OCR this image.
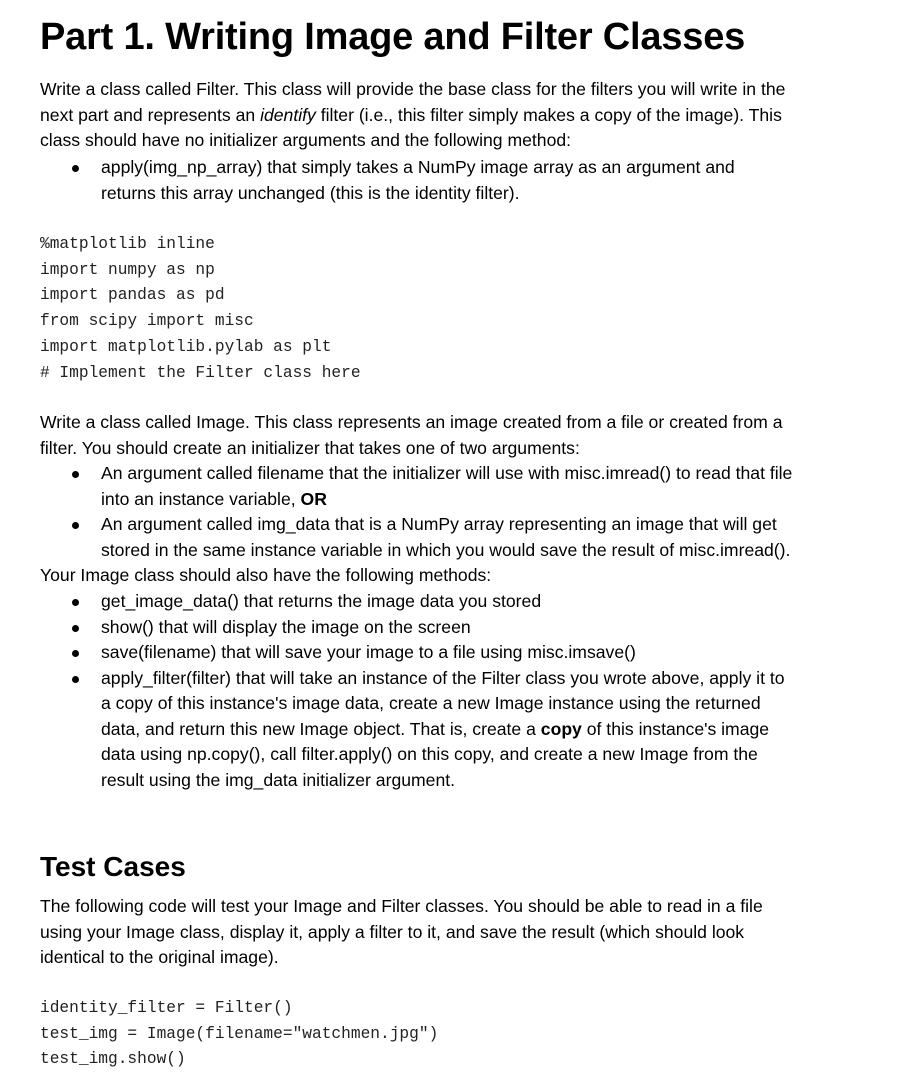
Part 1. Writing Image and Filter Classes
Write a class called Filter. This class will provide the base class for the filters you will write in the
next part and represents an identify filter (i.e., this filter simply makes a copy of the image). This
class should have no initializer arguments and the following method:
apply(img_np_array) that simply takes a NumPy image array as an argument and
returns this array unchanged (this is the identity filter).
%matplotlib inline
import numpy as np
import pandas as pd
from scipy import misc
import matplotlib.pylab as plt
# Implement the Filter class here
Write a class called Image. This class represents an image created from a file or created from a
filter. You should create an initializer that takes one of two arguments:
An argument called filename that the initializer will use with misc.imread() to read that file
into an instance variable, OR
An argument called img_data that is a NumPy array representing an image that will get
stored in the same instance variable in which you would save the result of misc.imread().
Your Image class should also have the following methods:
get_image_data() that returns the image data you stored
show() that will display the image on the screen
save(filename) that will save your image to a file using misc.imsave()
apply_filter(filter) that will take an instance of the Filter class you wrote above, apply it to
a copy of this instance's image data, create a new Image instance using the returned
data, and return this new Image object. That is, create a copy of this instance's image
data using np.copy(), call filter.apply() on this copy, and create a new Image from the
result using the img_data initializer argument.
Test Cases
The following code will test your Image and Filter classes. You should be able to read in a file
using your Image class, display it, apply a filter to it, and save the result (which should look
identical to the original image).
identity_filter = Filter()
test_img = Image(filename="watchmen.jpg")
test_img.show()
